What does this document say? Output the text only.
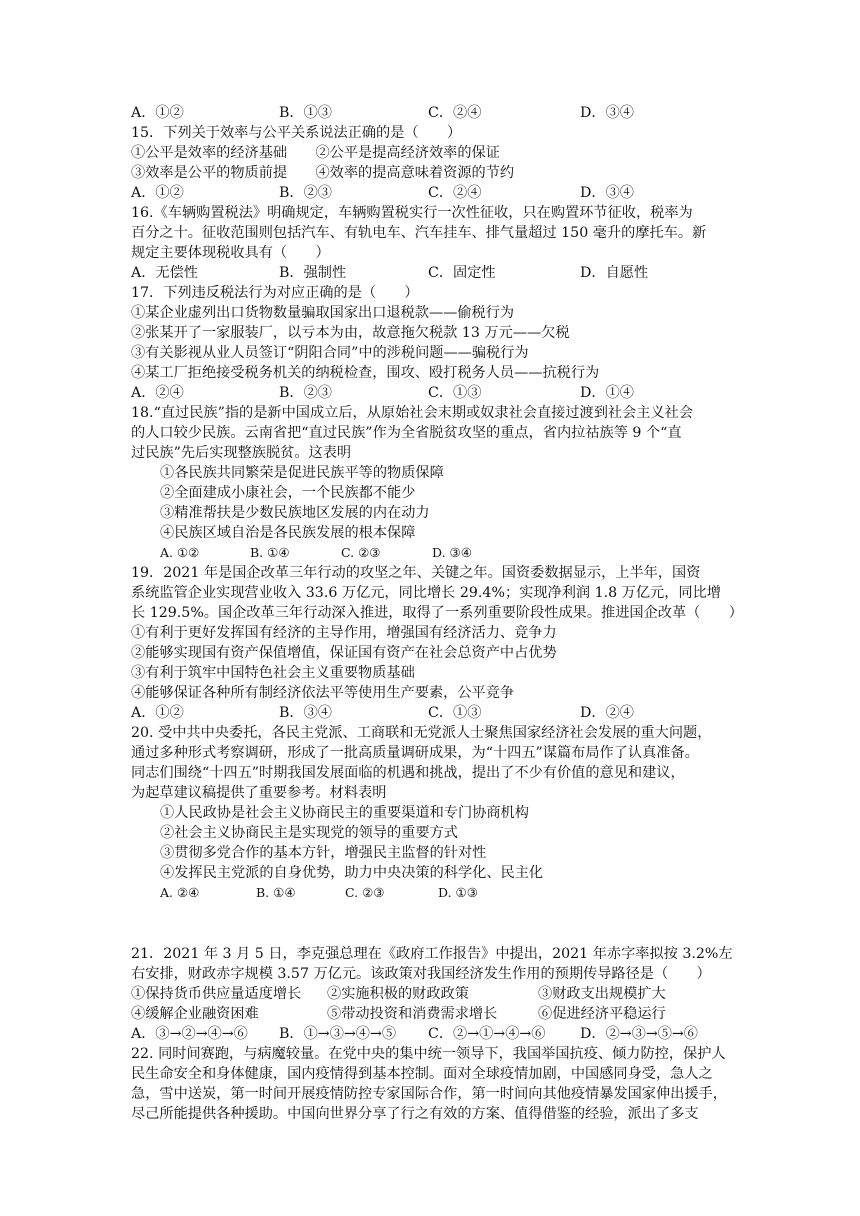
A．①②	B．①③	C．②④	D．③④
15．下列关于效率与公平关系说法正确的是（　　）
①公平是效率的经济基础　　②公平是提高经济效率的保证
③效率是公平的物质前提　　④效率的提高意味着资源的节约
A．①②	B．②③	C．②④	D．③④
16.《车辆购置税法》明确规定，车辆购置税实行一次性征收，只在购置环节征收，税率为
百分之十。征收范围则包括汽车、有轨电车、汽车挂车、排气量超过 150 毫升的摩托车。新
规定主要体现税收具有（　　）
A．无偿性	B．强制性	C．固定性	D．自愿性
17．下列违反税法行为对应正确的是（　　）
①某企业虚列出口货物数量骗取国家出口退税款——偷税行为
②张某开了一家服装厂，以亏本为由，故意拖欠税款 13 万元——欠税
③有关影视从业人员签订“阴阳合同”中的涉税问题——骗税行为
④某工厂拒绝接受税务机关的纳税检查，围攻、殴打税务人员——抗税行为
A．②④	B．②③	C．①③	D．①④
18.“直过民族”指的是新中国成立后，从原始社会末期或奴隶社会直接过渡到社会主义社会
的人口较少民族。云南省把“直过民族”作为全省脱贫攻坚的重点，省内拉祜族等 9 个“直
过民族”先后实现整族脱贫。这表明
①各民族共同繁荣是促进民族平等的物质保障
②全面建成小康社会，一个民族都不能少
③精准帮扶是少数民族地区发展的内在动力
④民族区域自治是各民族发展的根本保障
A. ①②	B. ①④	C. ②③	D. ③④
19．2021 年是国企改革三年行动的攻坚之年、关键之年。国资委数据显示，上半年，国资
系统监管企业实现营业收入 33.6 万亿元，同比增长 29.4%；实现净利润 1.8 万亿元，同比增
长 129.5%。国企改革三年行动深入推进，取得了一系列重要阶段性成果。推进国企改革（　　）
①有利于更好发挥国有经济的主导作用，增强国有经济活力、竞争力
②能够实现国有资产保值增值，保证国有资产在社会总资产中占优势
③有利于筑牢中国特色社会主义重要物质基础
④能够保证各种所有制经济依法平等使用生产要素，公平竞争
A．①②	B．③④	C．①③	D．②④
20. 受中共中央委托，各民主党派、工商联和无党派人士聚焦国家经济社会发展的重大问题，
通过多种形式考察调研，形成了一批高质量调研成果，为“十四五”谋篇布局作了认真准备。
同志们围绕“十四五”时期我国发展面临的机遇和挑战，提出了不少有价值的意见和建议，
为起草建议稿提供了重要参考。材料表明
①人民政协是社会主义协商民主的重要渠道和专门协商机构
②社会主义协商民主是实现党的领导的重要方式
③贯彻多党合作的基本方针，增强民主监督的针对性
④发挥民主党派的自身优势，助力中央决策的科学化、民主化
A. ②④	B. ①④	C. ②③	D. ①③
21．2021 年 3 月 5 日，李克强总理在《政府工作报告》中提出，2021 年赤字率拟按 3.2%左
右安排，财政赤字规模 3.57 万亿元。该政策对我国经济发生作用的预期传导路径是（　　）
①保持货币供应量适度增长 ②实施积极的财政政策	③财政支出规模扩大
④缓解企业融资困难	⑤带动投资和消费需求增长	⑥促进经济平稳运行
A．③→②→④→⑥ B．①→③→④→⑤ C．②→①→④→⑥ D．②→③→⑤→⑥
22. 同时间赛跑，与病魔较量。在党中央的集中统一领导下，我国举国抗疫、倾力防控，保护人
民生命安全和身体健康，国内疫情得到基本控制。面对全球疫情加剧，中国感同身受，急人之
急，雪中送炭，第一时间开展疫情防控专家国际合作，第一时间向其他疫情暴发国家伸出援手，
尽己所能提供各种援助。中国向世界分享了行之有效的方案、值得借鉴的经验，派出了多支
